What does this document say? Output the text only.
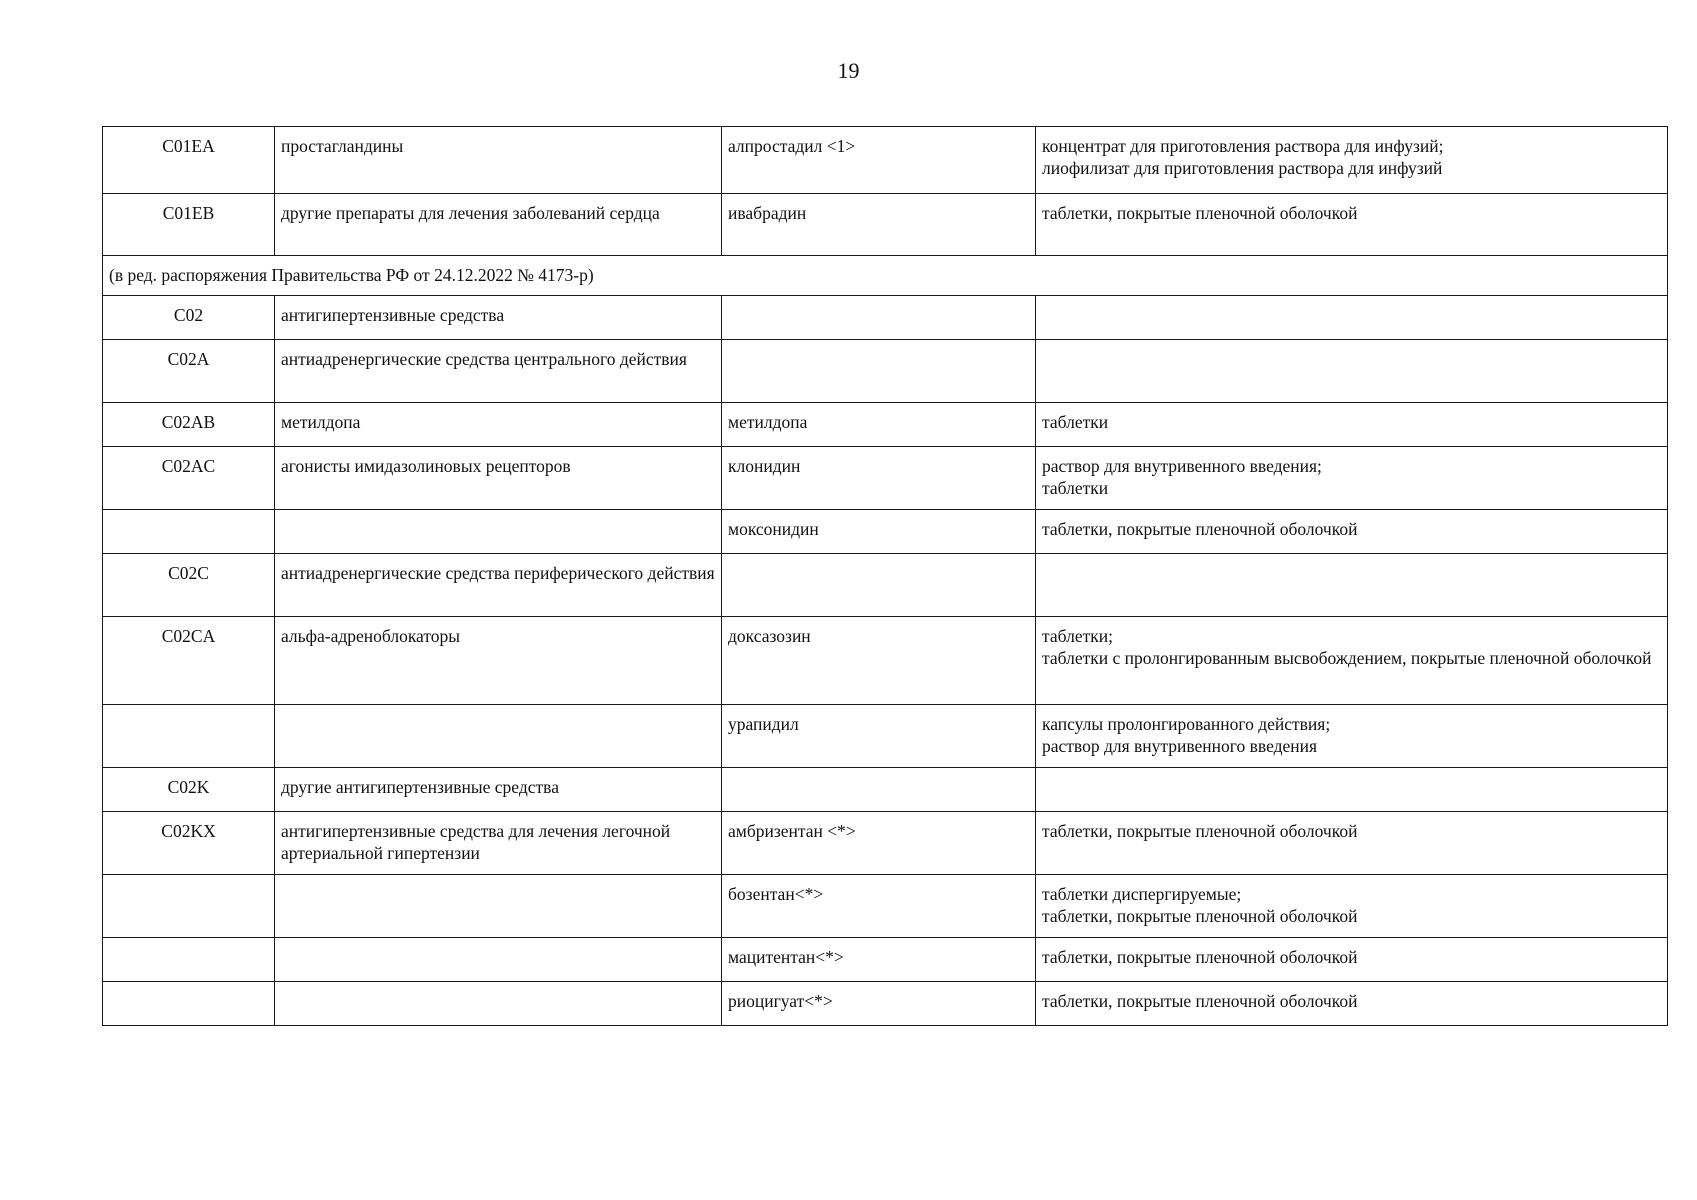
19
C01EA	простагландины	алпростадил <1>	концентрат для приготовления раствора для инфузий;
лиофилизат для приготовления раствора для инфузий

C01EB	другие препараты для лечения заболеваний сердца	ивабрадин	таблетки, покрытые пленочной оболочкой

(в ред. распоряжения Правительства РФ от 24.12.2022 № 4173-р)			
C02	антигипертензивные средства		
C02A	антиадренергические средства центрального действия		
C02AB	метилдопа	метилдопа	таблетки

C02AC	агонисты имидазолиновых рецепторов	клонидин	раствор для внутривенного введения;
таблетки

		моксонидин	таблетки, покрытые пленочной оболочкой

C02C	антиадренергические средства периферического действия		
C02CA	альфа-адреноблокаторы	доксазозин	таблетки;
таблетки с пролонгированным высвобождением, покрытые пленочной оболочкой

		урапидил	капсулы пролонгированного действия;
раствор для внутривенного введения

C02K	другие антигипертензивные средства		
C02KX	антигипертензивные средства для лечения легочной артериальной гипертензии	амбризентан <*>	таблетки, покрытые пленочной оболочкой

		бозентан<*>	таблетки диспергируемые;
таблетки, покрытые пленочной оболочкой

		мацитентан<*>	таблетки, покрытые пленочной оболочкой

		риоцигуат<*>	таблетки, покрытые пленочной оболочкой
